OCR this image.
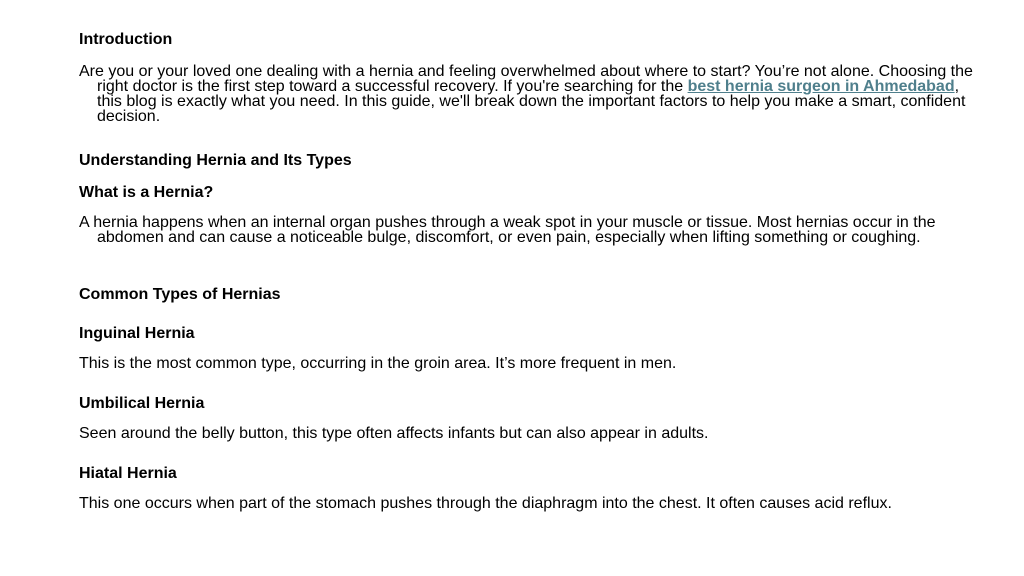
Introduction

Are you or your loved one dealing with a hernia and feeling overwhelmed about where to start? You’re not alone. Choosing the right doctor is the first step toward a successful recovery. If you're searching for the best hernia surgeon in Ahmedabad, this blog is exactly what you need. In this guide, we'll break down the important factors to help you make a smart, confident decision.

Understanding Hernia and Its Types
What is a Hernia?

A hernia happens when an internal organ pushes through a weak spot in your muscle or tissue. Most hernias occur in the abdomen and can cause a noticeable bulge, discomfort, or even pain, especially when lifting something or coughing.

Common Types of Hernias
Inguinal Hernia

This is the most common type, occurring in the groin area. It’s more frequent in men.

Umbilical Hernia

Seen around the belly button, this type often affects infants but can also appear in adults.

Hiatal Hernia

This one occurs when part of the stomach pushes through the diaphragm into the chest. It often causes acid reflux.
